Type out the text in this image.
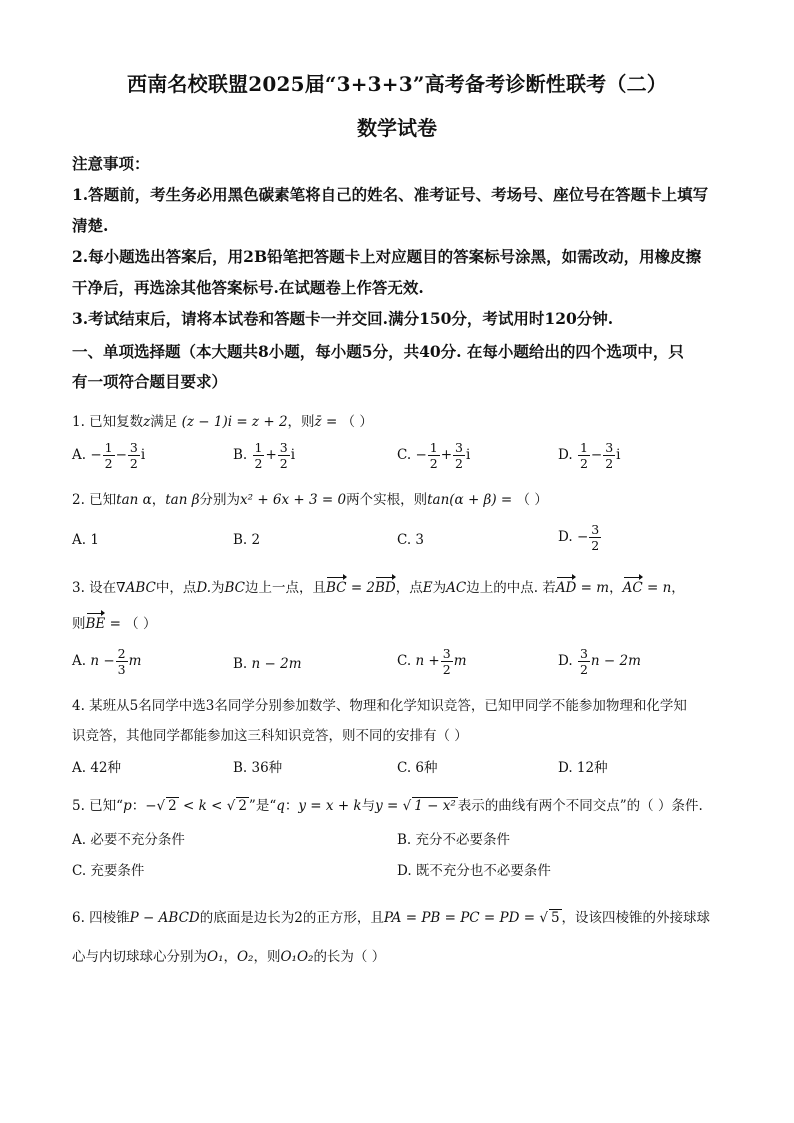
西南名校联盟2025届“3+3+3”高考备考诊断性联考（二）
数学试卷
注意事项：
1.答题前，考生务必用黑色碳素笔将自己的姓名、准考证号、考场号、座位号在答题卡上填写
清楚.
2.每小题选出答案后，用2B铅笔把答题卡上对应题目的答案标号涂黑，如需改动，用橡皮擦
干净后，再选涂其他答案标号.在试题卷上作答无效.
3.考试结束后，请将本试卷和答题卡一并交回.满分150分，考试用时120分钟.
一、单项选择题（本大题共8小题，每小题5分，共40分. 在每小题给出的四个选项中，只
有一项符合题目要求）
1. 已知复数z满足 (z − 1)i = z + 2，则z̄ = （ ）
A. − $\frac{1}{2} - \frac{3}{2}$ i	B. $\frac{1}{2} + \frac{3}{2}$ i	C. − $\frac{1}{2} + \frac{3}{2}$ i	D. $\frac{1}{2} - \frac{3}{2}$ i
2. 已知tan α，tan β分别为x² + 6x + 3 = 0两个实根，则tan(α + β) = （ ）
A. 1	B. 2	C. 3	D. − $\frac{3}{2}$
3. 设在∇ABC中，点D.为BC边上一点，且BC = 2BD，点E为AC边上的中点. 若AD = m，AC = n，
则BE = （ ）
A. $n - \frac{2}{3}$ m	B. n − 2m	C. $n + \frac{3}{2}$ m	D. $\frac{3}{2}$ n − 2m
4. 某班从5名同学中选3名同学分别参加数学、物理和化学知识竞答，已知甲同学不能参加物理和化学知
识竞答，其他同学都能参加这三科知识竞答，则不同的安排有（ ）
A. 42种	B. 36种	C. 6种	D. 12种
5. 已知“p：−√ 2 < k < √ 2 ”是“q：y = x + k与y = √ 1 − x² 表示的曲线有两个不同交点”的（ ）条件.
A. 必要不充分条件	B. 充分不必要条件
C. 充要条件	D. 既不充分也不必要条件
6. 四棱锥P − ABCD的底面是边长为2的正方形，且PA = PB = PC = PD = √ 5 ，设该四棱锥的外接球球
心与内切球球心分别为O₁，O₂，则O₁O₂的长为（ ）
